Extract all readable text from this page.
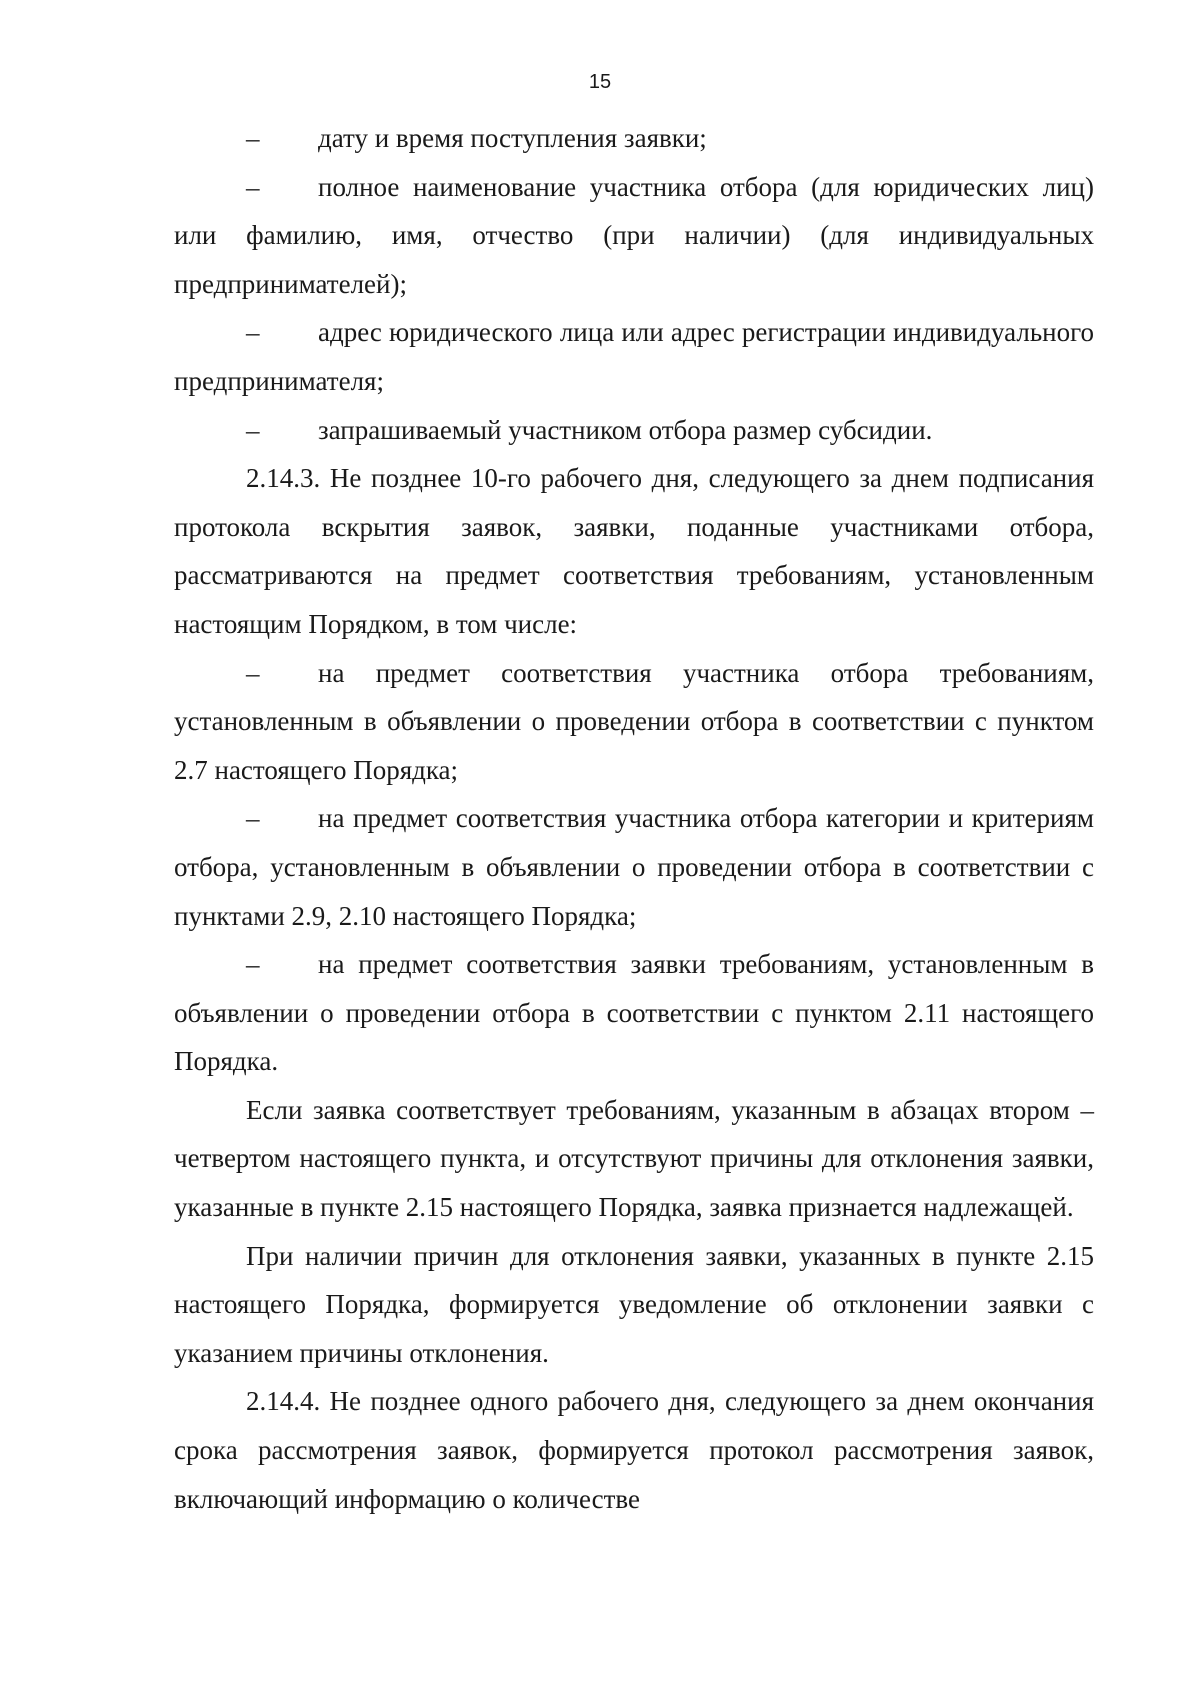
15

– дату и время поступления заявки;

– полное наименование участника отбора (для юридических лиц) или фамилию, имя, отчество (при наличии) (для индивидуальных предпринимателей);

– адрес юридического лица или адрес регистрации индивидуального предпринимателя;

– запрашиваемый участником отбора размер субсидии.

2.14.3. Не позднее 10-го рабочего дня, следующего за днем подписания протокола вскрытия заявок, заявки, поданные участниками отбора, рассматриваются на предмет соответствия требованиям, установленным настоящим Порядком, в том числе:

– на предмет соответствия участника отбора требованиям, установленным в объявлении о проведении отбора в соответствии с пунктом 2.7 настоящего Порядка;

– на предмет соответствия участника отбора категории и критериям отбора, установленным в объявлении о проведении отбора в соответствии с пунктами 2.9, 2.10 настоящего Порядка;

– на предмет соответствия заявки требованиям, установленным в объявлении о проведении отбора в соответствии с пунктом 2.11 настоящего Порядка.

Если заявка соответствует требованиям, указанным в абзацах втором – четвертом настоящего пункта, и отсутствуют причины для отклонения заявки, указанные в пункте 2.15 настоящего Порядка, заявка признается надлежащей.

При наличии причин для отклонения заявки, указанных в пункте 2.15 настоящего Порядка, формируется уведомление об отклонении заявки с указанием причины отклонения.

2.14.4. Не позднее одного рабочего дня, следующего за днем окончания срока рассмотрения заявок, формируется протокол рассмотрения заявок, включающий информацию о количестве
